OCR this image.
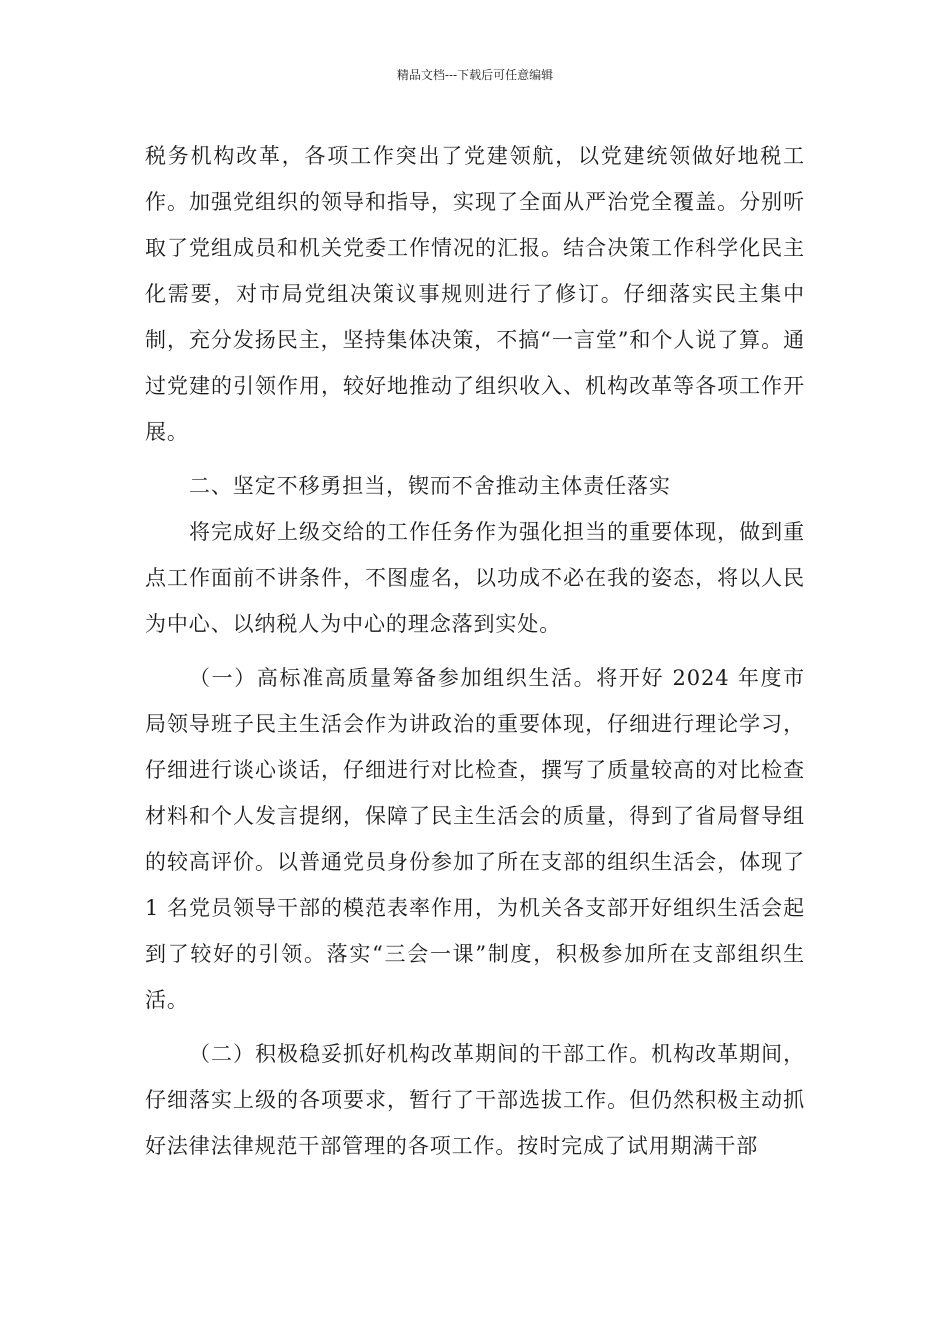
精品文档---下载后可任意编辑

税务机构改革，各项工作突出了党建领航，以党建统领做好地税工作。加强党组织的领导和指导，实现了全面从严治党全覆盖。分别听取了党组成员和机关党委工作情况的汇报。结合决策工作科学化民主化需要，对市局党组决策议事规则进行了修订。仔细落实民主集中制，充分发扬民主，坚持集体决策，不搞“一言堂”和个人说了算。通过党建的引领作用，较好地推动了组织收入、机构改革等各项工作开展。

二、坚定不移勇担当，锲而不舍推动主体责任落实

将完成好上级交给的工作任务作为强化担当的重要体现，做到重点工作面前不讲条件，不图虚名，以功成不必在我的姿态，将以人民为中心、以纳税人为中心的理念落到实处。

（一）高标准高质量筹备参加组织生活。将开好 2024 年度市局领导班子民主生活会作为讲政治的重要体现，仔细进行理论学习，仔细进行谈心谈话，仔细进行对比检查，撰写了质量较高的对比检查材料和个人发言提纲，保障了民主生活会的质量，得到了省局督导组的较高评价。以普通党员身份参加了所在支部的组织生活会，体现了 1 名党员领导干部的模范表率作用，为机关各支部开好组织生活会起到了较好的引领。落实“三会一课”制度，积极参加所在支部组织生活。

（二）积极稳妥抓好机构改革期间的干部工作。机构改革期间，仔细落实上级的各项要求，暂行了干部选拔工作。但仍然积极主动抓好法律法律规范干部管理的各项工作。按时完成了试用期满干部
